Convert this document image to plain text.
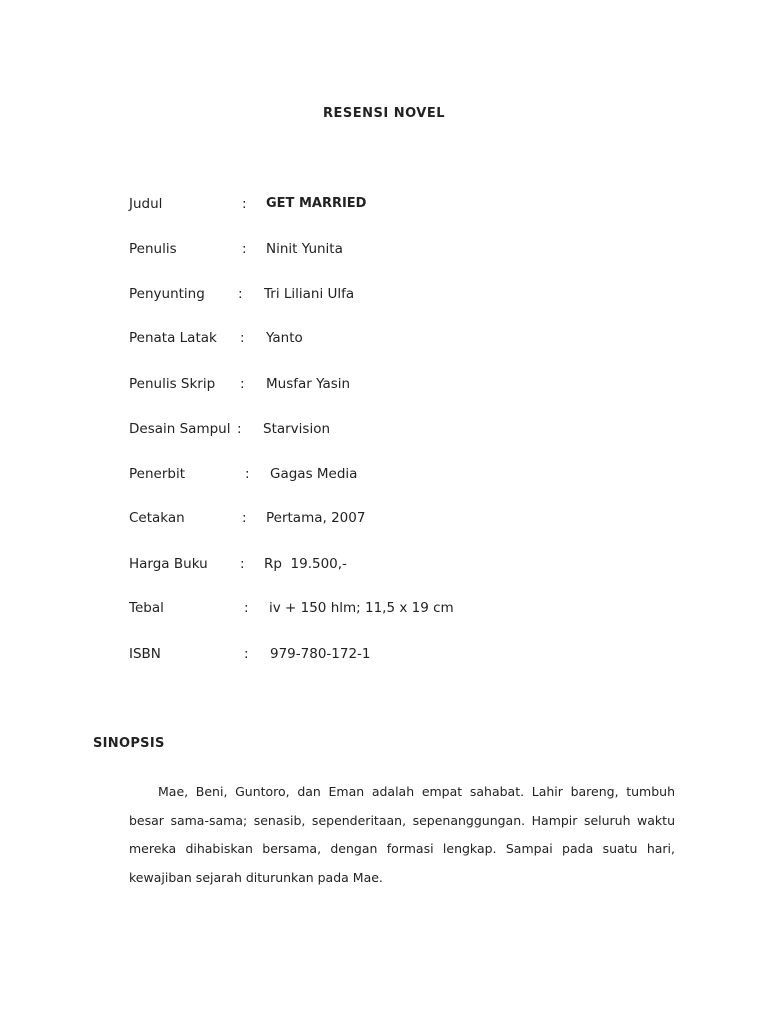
RESENSI NOVEL
Judul	: GET MARRIED
Penulis	: Ninit Yunita
Penyunting : Tri Liliani Ulfa
Penata Latak : Yanto
Penulis Skrip : Musfar Yasin
Desain Sampul : Starvision
Penerbit	: Gagas Media
Cetakan	: Pertama, 2007
Harga Buku : Rp  19.500,-
Tebal	: iv + 150 hlm; 11,5 x 19 cm
ISBN	: 979-780-172-1
SINOPSIS

Mae, Beni, Guntoro, dan Eman adalah empat sahabat. Lahir bareng, tumbuh besar sama-sama; senasib, sependeritaan, sepenanggungan. Hampir seluruh waktu mereka dihabiskan bersama, dengan formasi lengkap. Sampai pada suatu hari, kewajiban sejarah diturunkan pada Mae.
